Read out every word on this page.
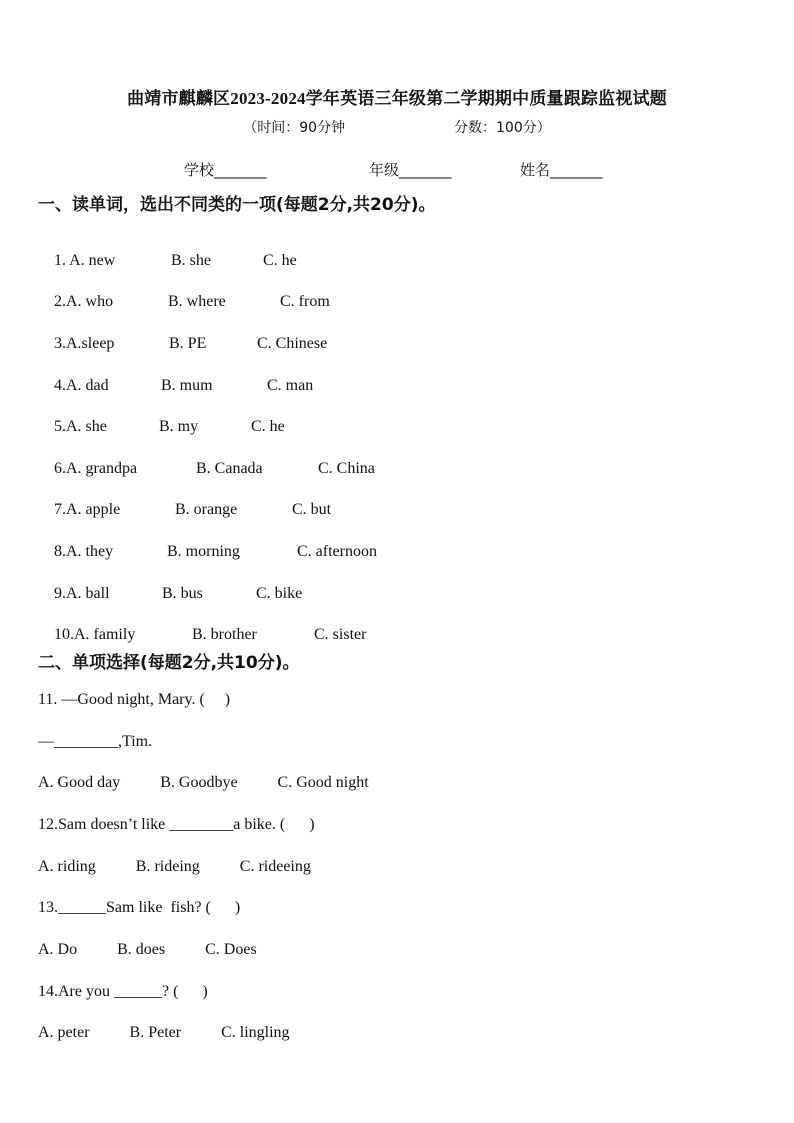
曲靖市麒麟区2023-2024学年英语三年级第二学期期中质量跟踪监视试题
（时间：90分钟	分数：100分）
学校_______	年级_______	姓名_______
一、读单词，选出不同类的一项(每题2分,共20分)。

1. A. new	B. she	C. he

2.A. who	B. where	C. from

3.A.sleep	B. PE	C. Chinese

4.A. dad	B. mum	C. man

5.A. she	B. my	C. he

6.A. grandpa	B. Canada	C. China

7.A. apple	B. orange	C. but

8.A. they	B. morning	C. afternoon

9.A. ball	B. bus	C. bike

10.A. family	B. brother	C. sister

二、单项选择(每题2分,共10分)。
11. —Good night, Mary. (     )
—________,Tim.
A. Good day          B. Goodbye          C. Good night
12.Sam doesn’t like ________a bike. (      )
A. riding          B. rideing          C. rideeing
13.______Sam like  fish? (      )
A. Do          B. does          C. Does
14.Are you ______? (      )
A. peter          B. Peter          C. lingling
